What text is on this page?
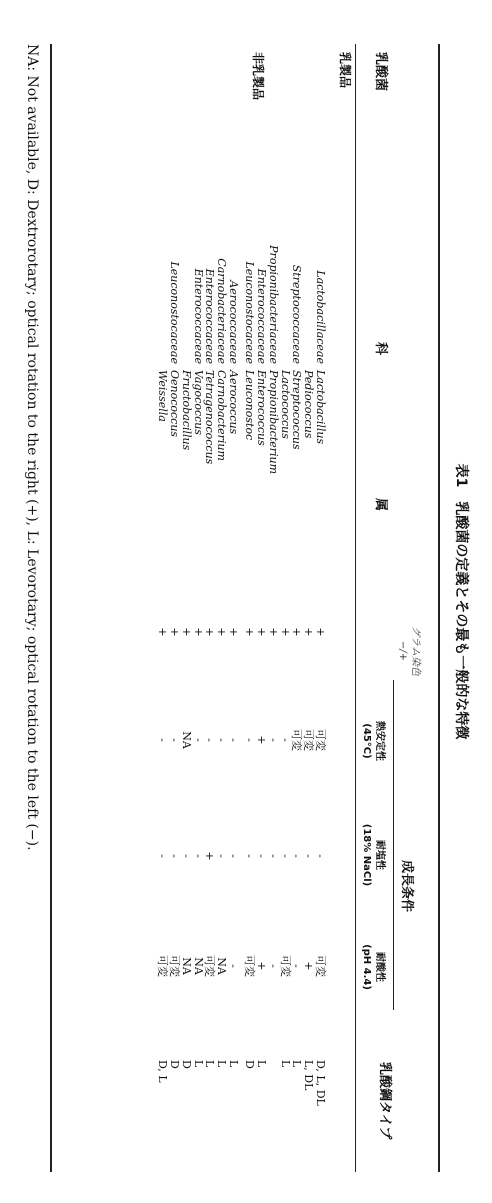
表1　乳酸菌の定義とその最も一般的な特徴
乳酸菌
科
属
グラム染色
−/+
成長条件
熱安定性
(45°C)
耐塩性
(18% NaCl)
耐酸性
(pH 4.4)
乳酸鋼タイプ
乳製品
Lactobacillaceae
Lactobacillus
+
可変
-
可変
D, L, DL
Pediococcus
+
可変
-
+
L, DL
Streptococcaceae
Streptococcus
+
可変
-
-
L
Lactococcus
+
-
-
可変
L
Propionibacteriaceae
Propionibacterium
+
-
-
-
Enterococcaceae
Enterococcus
+
+
-
+
L
Leuconostocaceae
Leuconostoc
+
-
-
可変
D
非乳製品
Aerococcaceae
Aerococcus
+
-
-
-
L
Carnobacteriaceae
Carnobacterium
+
-
-
NA
L
Enterococcaceae
Tetragenococcus
+
-
+
可変
L
Enterococcaceae
Vagococcus
+
-
-
NA
L
Fructobacillus
+
NA
-
NA
D
Leuconostocaceae
Oenococcus
+
-
-
可変
D
Weissella
+
-
-
可変
D, L
NA: Not available, D: Dextrorotary; optical rotation to the right (+), L: Levorotary; optical rotation to the left (−).
